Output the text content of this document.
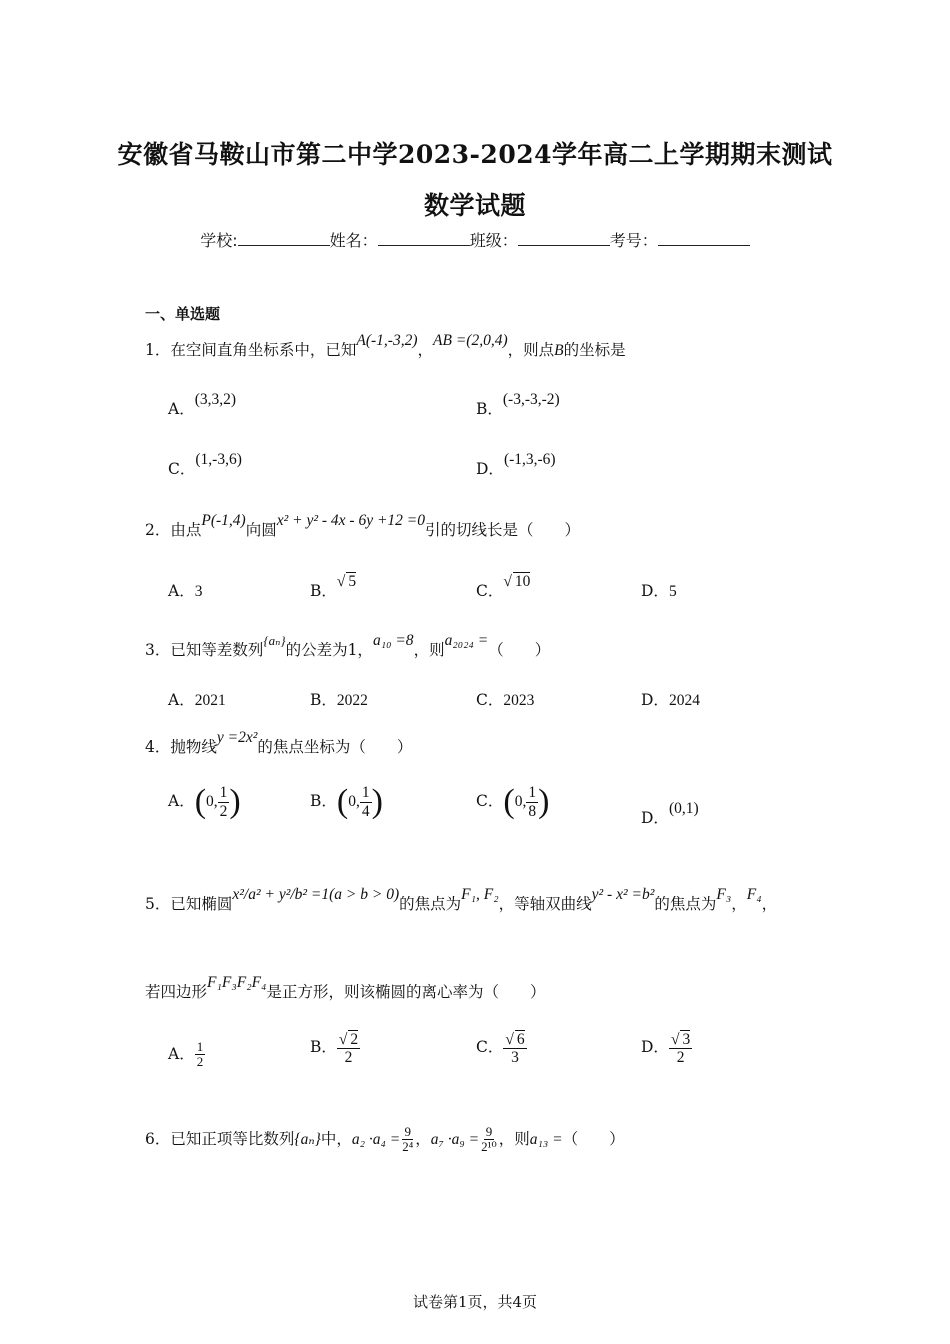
安徽省马鞍山市第二中学2023-2024学年高二上学期期末测试
数学试题
学校:	姓名：	班级：	考号：
一、单选题
1．在空间直角坐标系中，已知A(-1,-3,2)，AB =(2,0,4)，则点B的坐标是
A．(3,3,2)
B．(-3,-3,-2)
C．(1,-3,6)
D．(-1,3,-6)
2．由点P(-1,4)向圆x² + y² - 4x - 6y +12 =0引的切线长是（　　）
A．3	B．√ 5
C．√ 10
D．5
3．已知等差数列$^{\{a_n\}}$的公差为1，a₁₀ =8，则a₂₀₂₄ =（　　）
A．2021	B．2022	C．2023	D．2024
4．抛物线y =2x²的焦点坐标为（　　）
A．(0, $\frac{1}{2}$ )	B．(0, $\frac{1}{4}$ )	C．(0, $\frac{1}{8}$ )	D．(0,1)
5．已知椭圆x²/a² + y²/b² =1(a > b > 0)的焦点为F₁, F₂，等轴双曲线y² - x² =b²的焦点为F₃，F₄，
若四边形F₁F₃F₂F₄是正方形，则该椭圆的离心率为（　　）
A． $\frac{1}{2}$	B． $\frac{√ 2}{2}$	C． $\frac{√ 6}{3}$	D． $\frac{√ 3}{2}$
6．已知正项等比数列{aₙ}中，$a_2 \cdot a_4 = \frac{9}{\text{2⁴}}$ ，$a_7 \cdot a_9 = \frac{9}{\text{2¹⁰}}$ ，则a₁₃ =（　　）
试卷第1页，共4页
